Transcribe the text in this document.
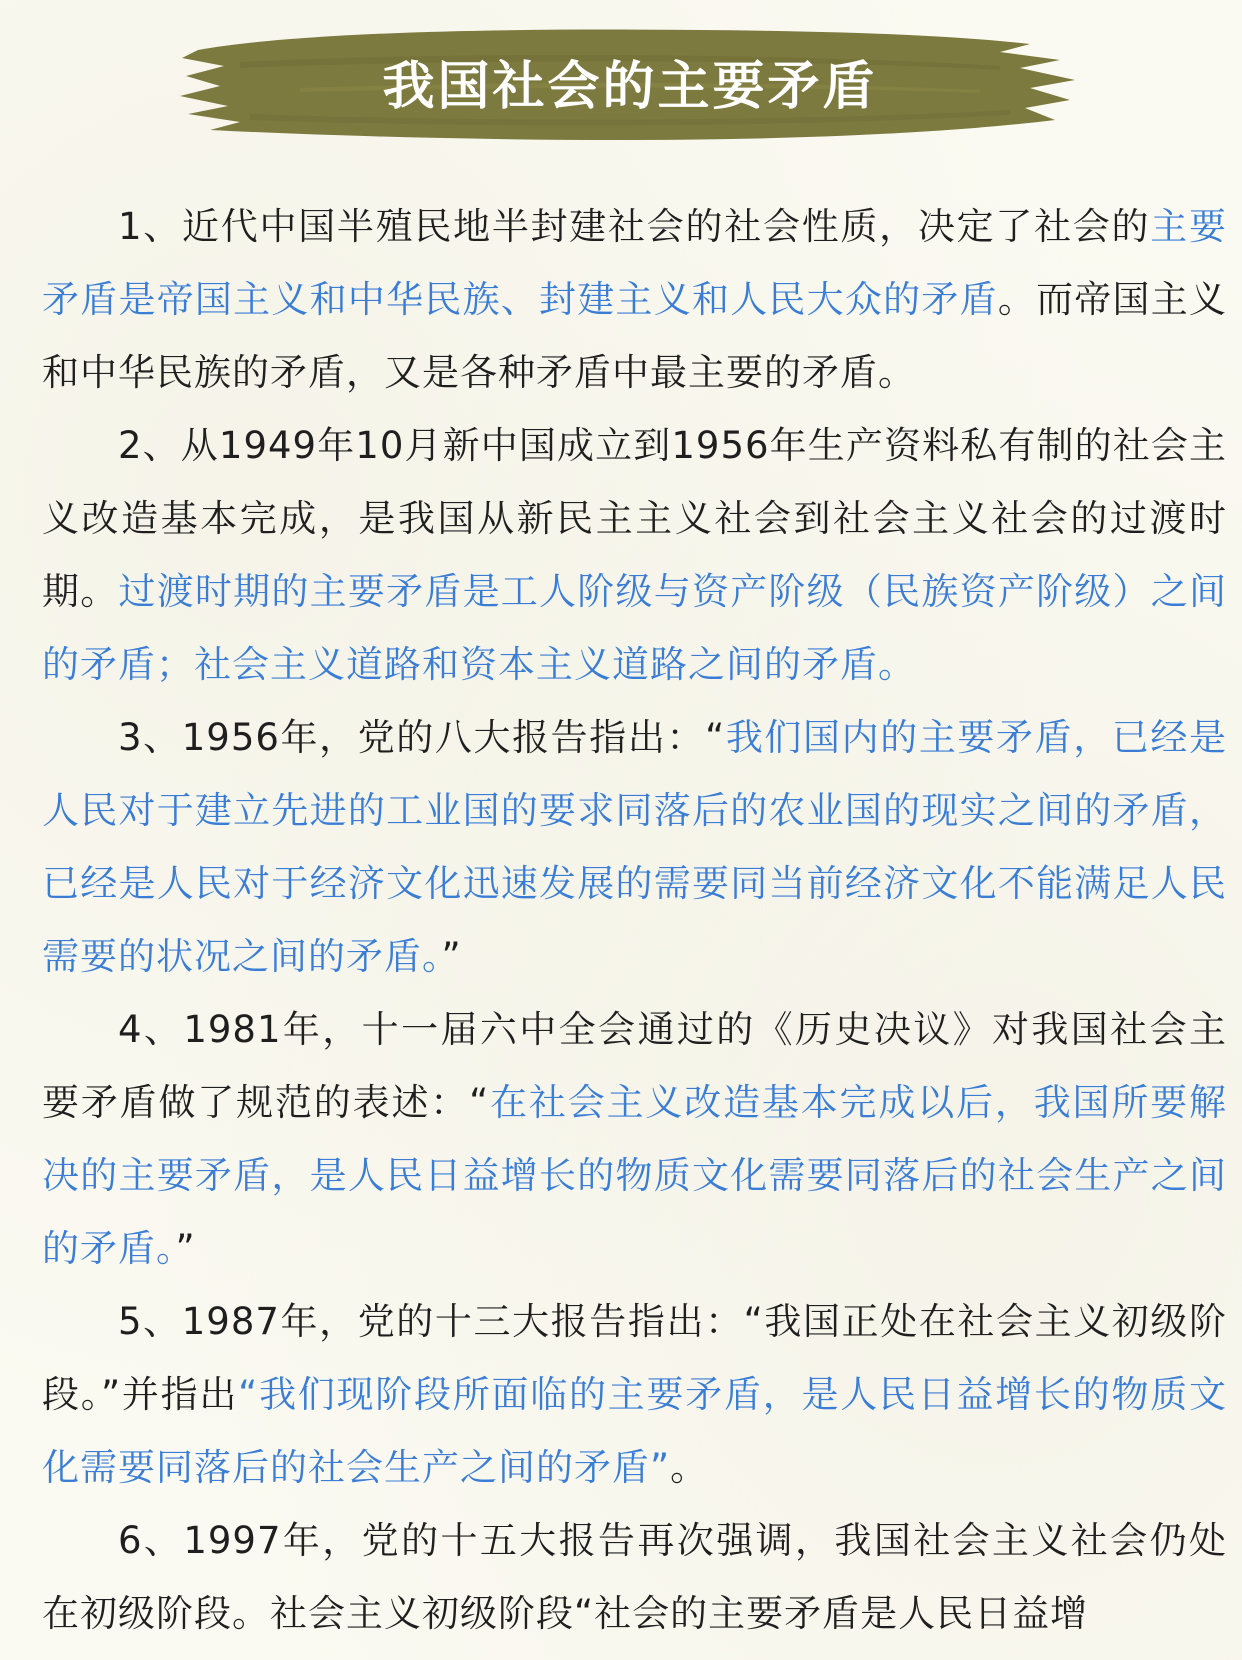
我国社会的主要矛盾

1、近代中国半殖民地半封建社会的社会性质，决定了社会的主要矛盾是帝国主义和中华民族、封建主义和人民大众的矛盾。而帝国主义和中华民族的矛盾，又是各种矛盾中最主要的矛盾。

2、从1949年10月新中国成立到1956年生产资料私有制的社会主义改造基本完成，是我国从新民主主义社会到社会主义社会的过渡时期。过渡时期的主要矛盾是工人阶级与资产阶级（民族资产阶级）之间的矛盾；社会主义道路和资本主义道路之间的矛盾。

3、1956年，党的八大报告指出：“我们国内的主要矛盾，已经是人民对于建立先进的工业国的要求同落后的农业国的现实之间的矛盾，已经是人民对于经济文化迅速发展的需要同当前经济文化不能满足人民需要的状况之间的矛盾。”

4、1981年，十一届六中全会通过的《历史决议》对我国社会主要矛盾做了规范的表述：“在社会主义改造基本完成以后，我国所要解决的主要矛盾，是人民日益增长的物质文化需要同落后的社会生产之间的矛盾。”

5、1987年，党的十三大报告指出：“我国正处在社会主义初级阶段。”并指出“我们现阶段所面临的主要矛盾，是人民日益增长的物质文化需要同落后的社会生产之间的矛盾”。

6、1997年，党的十五大报告再次强调，我国社会主义社会仍处在初级阶段。社会主义初级阶段“社会的主要矛盾是人民日益增
